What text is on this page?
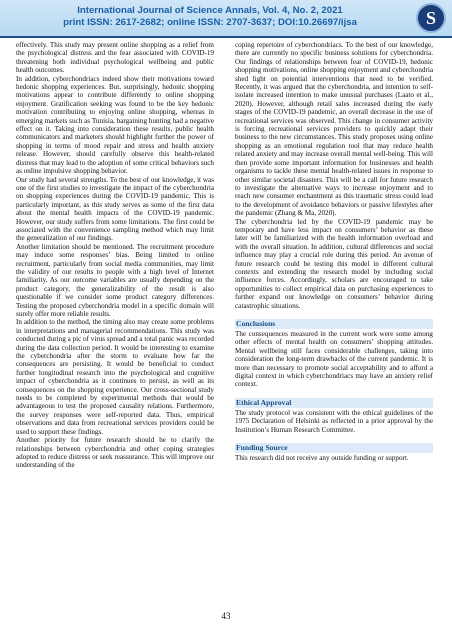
International Journal of Science Annals, Vol. 4, No. 2, 2021
print ISSN: 2617-2682; online ISSN: 2707-3637; DOI:10.26697/ijsa	S

effectively. This study may present online shopping as a relief from the psychological distress and the fear associated with COVID-19 threatening both individual psychological wellbeing and public health outcomes.

In addition, cyberchondriacs indeed show their motivations toward hedonic shopping experiences. But, surprisingly, hedonic shopping motivations appear to contribute differently to online shopping enjoyment. Gratification seeking was found to be the key hedonic motivation contributing to enjoying online shopping, whereas in emerging markets such as Tunisia, bargaining hunting had a negative effect on it. Taking into consideration these results, public health communicators and marketers should highlight further the power of shopping in terms of mood repair and stress and health anxiety release. However, should carefully observe this health-related distress that may lead to the adoption of some critical behaviors such as online impulsive shopping behavior.

Our study had several strengths. To the best of our knowledge, it was one of the first studies to investigate the impact of the cyberchondria on shopping experiences during the COVID-19 pandemic. This is particularly important, as this study serves as some of the first data about the mental health impacts of the COVID-19 pandemic. However, our study suffers from some limitations. The first could be associated with the convenience sampling method which may limit the generalization of our findings.

Another limitation should be mentioned. The recruitment procedure may induce some responses’ bias. Being limited to online recruitment, particularly from social media communities, may limit the validity of our results to people with a high level of Internet familiarity. As our outcome variables are usually depending on the product category, the generalizability of the result is also questionable if we consider some product category differences. Testing the proposed cyberchondria model in a specific domain will surely offer more reliable results.

In addition to the method, the timing also may create some problems in interpretations and managerial recommendations. This study was conducted during a pic of virus spread and a total panic was recorded during the data collection period. It would be interesting to examine the cyberchondria after the storm to evaluate how far the consequences are persisting. It would be beneficial to conduct further longitudinal research into the psychological and cognitive impact of cyberchondria as it continues to persist, as well as its consequences on the shopping experience. Our cross-sectional study needs to be completed by experimental methods that would be advantageous to test the proposed causality relations. Furthermore, the survey responses were self-reported data. Thus, empirical observations and data from recreational services providers could be used to support these findings.

Another priority for future research should be to clarify the relationships between cyberchondria and other coping strategies adopted to reduce distress or seek reassurance. This will improve our understanding of the

coping repertoire of cyberchondriacs. To the best of our knowledge, there are currently no specific business solutions for cyberchondria. Our findings of relationships between fear of COVID-19, hedonic shopping motivations, online shopping enjoyment and cyberchondria shed light on potential interventions that need to be verified. Recently, it was argued that the cyberchondria, and intention to self-isolate increased intention to make unusual purchases (Laato et al., 2020). However, although retail sales increased during the early stages of the COVID-19 pandemic, an overall decrease in the use of recreational services was observed. This change in consumer activity is forcing recreational services providers to quickly adapt their business to the new circumstances. This study proposes using online shopping as an emotional regulation tool that may reduce health related anxiety and may increase overall mental well-being. This will then provide some important information for businesses and health organisms to tackle these mental health-related issues in response to other similar societal disasters. This will be a call for future research to investigate the alternative ways to increase enjoyment and to reach new consumer enchantment as this traumatic stress could lead to the development of avoidance behaviors or passive lifestyles after the pandemic (Zhang & Ma, 2020).

The cyberchondria led by the COVID-19 pandemic may be temporary and have less impact on consumers’ behavior as these later will be familiarized with the health information overload and with the overall situation. In addition, cultural differences and social influence may play a crucial role during this period. An avenue of future research could be testing this model in different cultural contexts and extending the research model by including social influence forces. Accordingly, scholars are encouraged to take opportunities to collect empirical data on purchasing experiences to further expand our knowledge on consumers’ behavior during catastrophic situations.

Conclusions

The consequences measured in the current work were some among other effects of mental health on consumers’ shopping attitudes. Mental wellbeing still faces considerable challenges, taking into consideration the long-term drawbacks of the current pandemic. It is more than necessary to promote social acceptability and to afford a digital context in which cyberchondriacs may have an anxiety relief context.

Ethical Approval

The study protocol was consistent with the ethical guidelines of the 1975 Declaration of Helsinki as reflected in a prior approval by the Institution’s Human Research Committee.

Funding Source

This research did not receive any outside funding or support.

43
